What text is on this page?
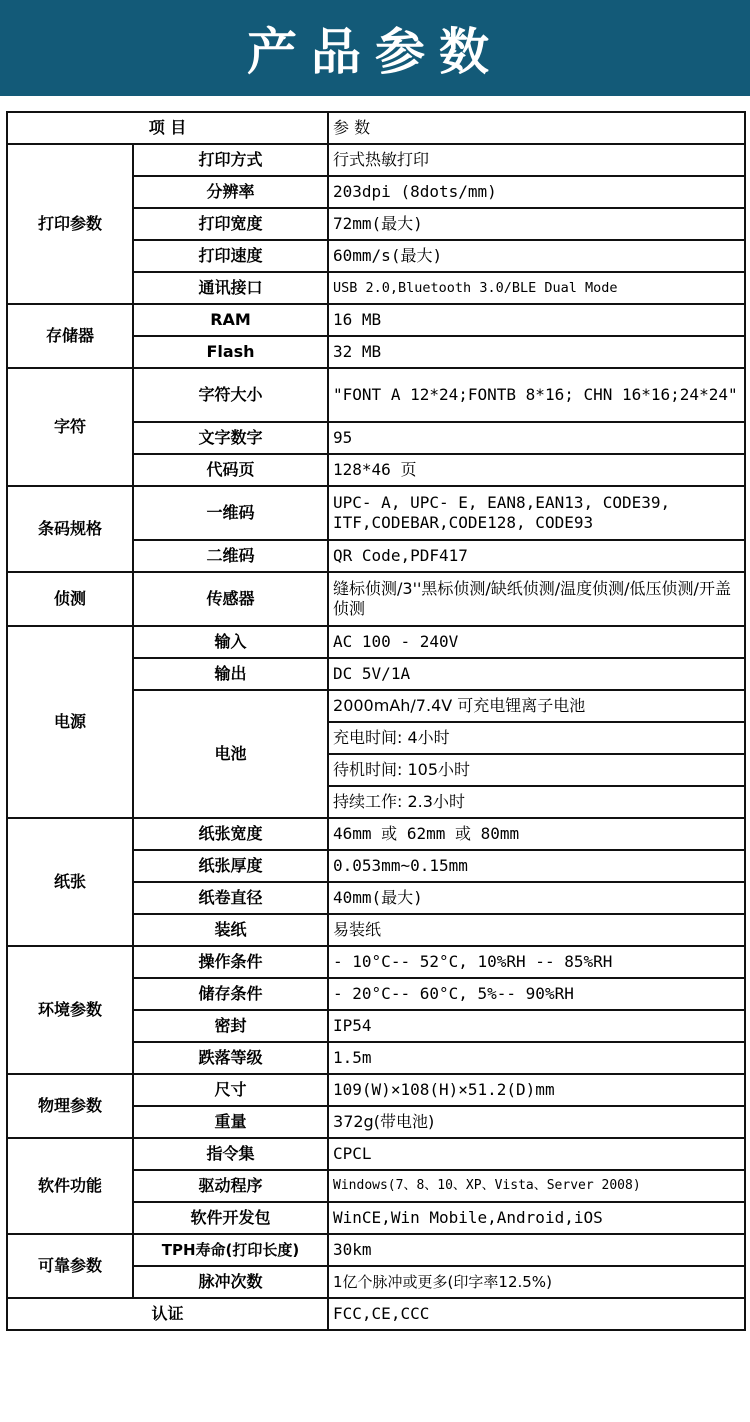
产品参数
项 目		参 数
打印参数	打印方式	行式热敏打印
	分辨率	203dpi (8dots/mm)
	打印宽度	72mm(最大)
	打印速度	60mm/s(最大)
	通讯接口	USB 2.0,Bluetooth 3.0/BLE Dual Mode
存储器	RAM	16 MB
	Flash	32 MB
字符	字符大小	"FONT A 12*24;FONTB 8*16; CHN 16*16;24*24"
	文字数字	95
	代码页	128*46 页
条码规格	一维码	UPC- A, UPC- E, EAN8,EAN13, CODE39, ITF,CODEBAR,CODE128, CODE93
	二维码	QR Code,PDF417
侦测	传感器	缝标侦测/3''黑标侦测/缺纸侦测/温度侦测/低压侦测/开盖侦测
电源	输入	AC 100 - 240V
	输出	DC 5V/1A
	电池	2000mAh/7.4V 可充电锂离子电池
		充电时间: 4小时
		待机时间: 105小时
		持续工作: 2.3小时
纸张	纸张宽度	46mm 或 62mm 或 80mm
	纸张厚度	0.053mm~0.15mm
	纸卷直径	40mm(最大)
	装纸	易装纸
环境参数	操作条件	- 10°C-- 52°C, 10%RH -- 85%RH
	储存条件	- 20°C-- 60°C, 5%-- 90%RH
	密封	IP54
	跌落等级	1.5m
物理参数	尺寸	109(W)×108(H)×51.2(D)mm
	重量	372g(带电池)
软件功能	指令集	CPCL
	驱动程序	Windows(7、8、10、XP、Vista、Server 2008)
	软件开发包	WinCE,Win Mobile,Android,iOS
可靠参数	TPH寿命(打印长度)	30km
	脉冲次数	1亿个脉冲或更多(印字率12.5%)
认证		FCC,CE,CCC
